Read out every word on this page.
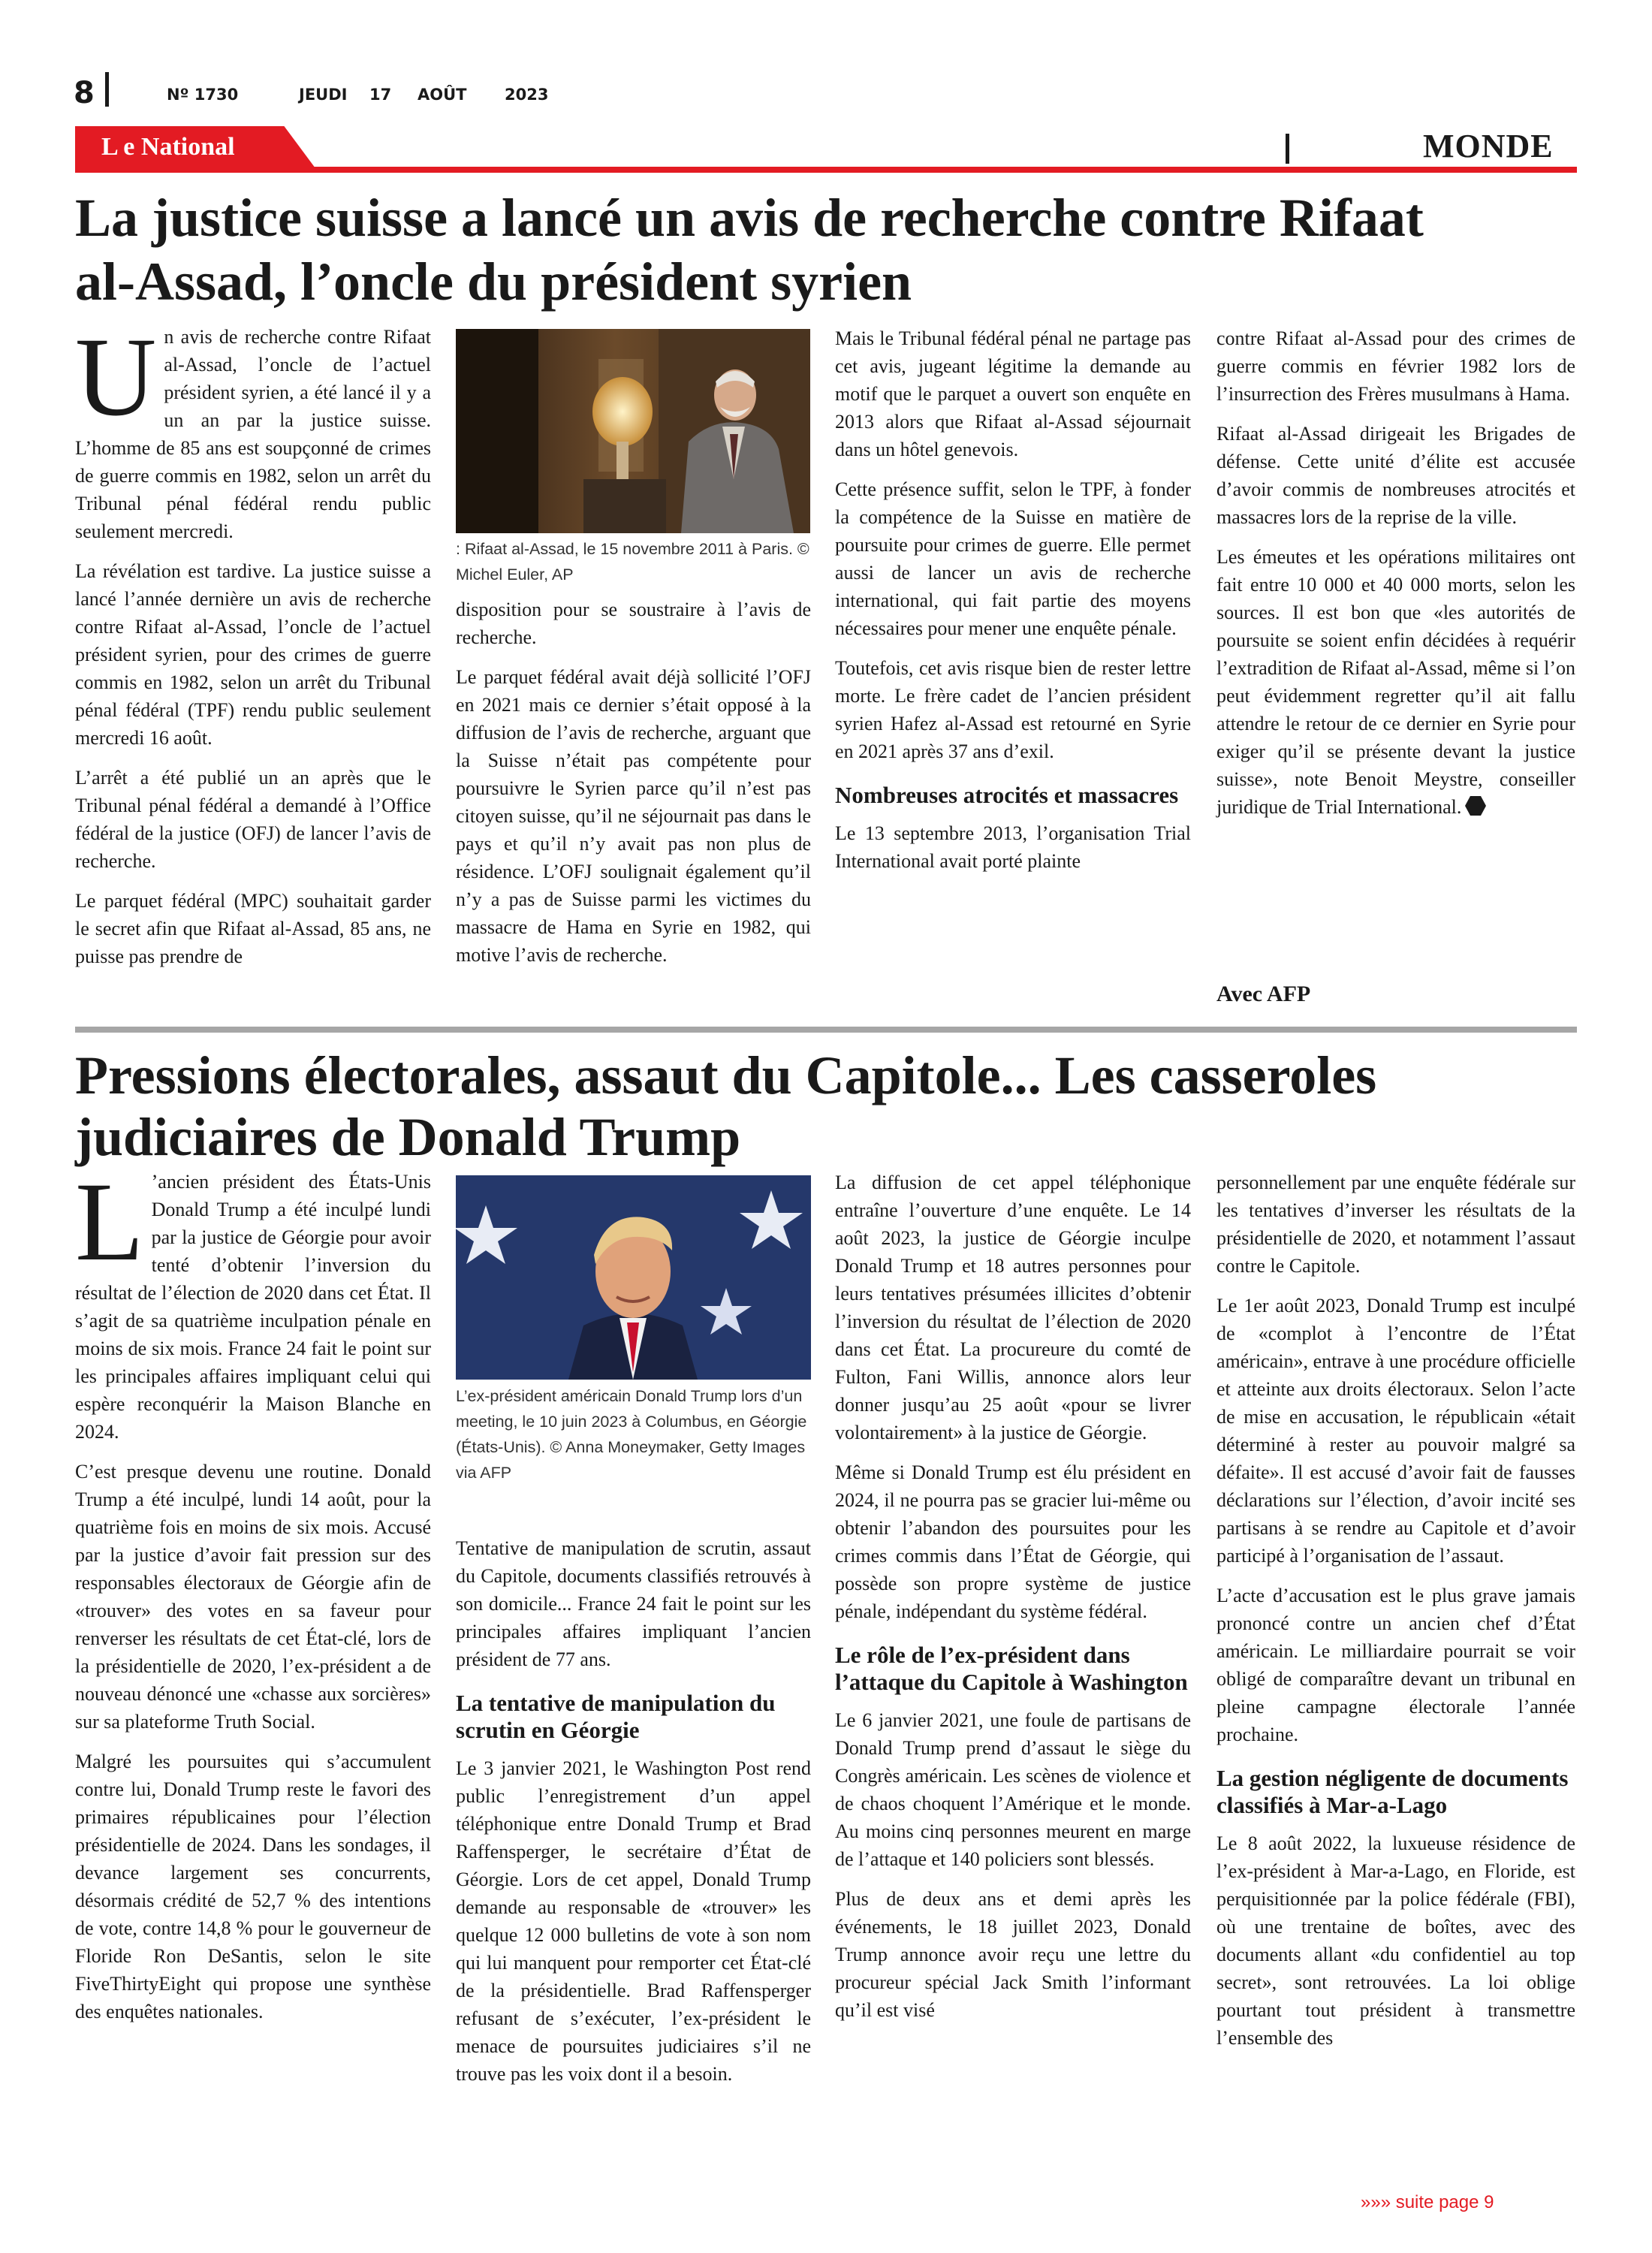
8	Nº 1730	JEUDI 17 AOÛT 2023
L e National	MONDE
La justice suisse a lancé un avis de recherche contre Rifaat
al-Assad, l’oncle du président syrien
U n avis de recherche contre Rifaat al-Assad, l’oncle de l’actuel président syrien, a été lancé il y a un an par la justice suisse. L’homme de 85 ans est soupçonné de crimes de guerre commis en 1982, selon un arrêt du Tribunal pénal fédéral rendu public seulement mercredi.

La révélation est tardive. La justice suisse a lancé l’année dernière un avis de recherche contre Rifaat al-Assad, l’oncle de l’actuel président syrien, pour des crimes de guerre commis en 1982, selon un arrêt du Tribunal pénal fédéral (TPF) rendu public seulement mercredi 16 août.

L’arrêt a été publié un an après que le Tribunal pénal fédéral a demandé à l’Office fédéral de la justice (OFJ) de lancer l’avis de recherche.

Le parquet fédéral (MPC) souhaitait garder le secret afin que Rifaat al-Assad, 85 ans, ne puisse pas prendre de

: Rifaat al-Assad, le 15 novembre 2011 à Paris. © Michel Euler, AP

disposition pour se soustraire à l’avis de recherche.

Le parquet fédéral avait déjà sollicité l’OFJ en 2021 mais ce dernier s’était opposé à la diffusion de l’avis de recherche, arguant que la Suisse n’était pas compétente pour poursuivre le Syrien parce qu’il n’est pas citoyen suisse, qu’il ne séjournait pas dans le pays et qu’il n’y avait pas non plus de résidence. L’OFJ soulignait également qu’il n’y a pas de Suisse parmi les victimes du massacre de Hama en Syrie en 1982, qui motive l’avis de recherche.

Mais le Tribunal fédéral pénal ne partage pas cet avis, jugeant légitime la demande au motif que le parquet a ouvert son enquête en 2013 alors que Rifaat al-Assad séjournait dans un hôtel genevois.

Cette présence suffit, selon le TPF, à fonder la compétence de la Suisse en matière de poursuite pour crimes de guerre. Elle permet aussi de lancer un avis de recherche international, qui fait partie des moyens nécessaires pour mener une enquête pénale.

Toutefois, cet avis risque bien de rester lettre morte. Le frère cadet de l’ancien président syrien Hafez al-Assad est retourné en Syrie en 2021 après 37 ans d’exil.

Nombreuses atrocités et massacres

Le 13 septembre 2013, l’organisation Trial International avait porté plainte

contre Rifaat al-Assad pour des crimes de guerre commis en février 1982 lors de l’insurrection des Frères musulmans à Hama.

Rifaat al-Assad dirigeait les Brigades de défense. Cette unité d’élite est accusée d’avoir commis de nombreuses atrocités et massacres lors de la reprise de la ville.

Les émeutes et les opérations militaires ont fait entre 10 000 et 40 000 morts, selon les sources. Il est bon que «les autorités de poursuite se soient enfin décidées à requérir l’extradition de Rifaat al-Assad, même si l’on peut évidemment regretter qu’il ait fallu attendre le retour de ce dernier en Syrie pour exiger qu’il se présente devant la justice suisse», note Benoit Meystre, conseiller juridique de Trial International.

Avec AFP
Pressions électorales, assaut du Capitole... Les casseroles
judiciaires de Donald Trump
L ’ancien président des États-Unis Donald Trump a été inculpé lundi par la justice de Géorgie pour avoir tenté d’obtenir l’inversion du résultat de l’élection de 2020 dans cet État. Il s’agit de sa quatrième inculpation pénale en moins de six mois. France 24 fait le point sur les principales affaires impliquant celui qui espère reconquérir la Maison Blanche en 2024.

C’est presque devenu une routine. Donald Trump a été inculpé, lundi 14 août, pour la quatrième fois en moins de six mois. Accusé par la justice d’avoir fait pression sur des responsables électoraux de Géorgie afin de «trouver» des votes en sa faveur pour renverser les résultats de cet État-clé, lors de la présidentielle de 2020, l’ex-président a de nouveau dénoncé une «chasse aux sorcières» sur sa plateforme Truth Social.

Malgré les poursuites qui s’accumulent contre lui, Donald Trump reste le favori des primaires républicaines pour l’élection présidentielle de 2024. Dans les sondages, il devance largement ses concurrents, désormais crédité de 52,7 % des intentions de vote, contre 14,8 % pour le gouverneur de Floride Ron DeSantis, selon le site FiveThirtyEight qui propose une synthèse des enquêtes nationales.

L’ex-président américain Donald Trump lors d’un meeting, le 10 juin 2023 à Columbus, en Géorgie (États-Unis). © Anna Moneymaker, Getty Images via AFP

Tentative de manipulation de scrutin, assaut du Capitole, documents classifiés retrouvés à son domicile... France 24 fait le point sur les principales affaires impliquant l’ancien président de 77 ans.

La tentative de manipulation du scrutin en Géorgie

Le 3 janvier 2021, le Washington Post rend public l’enregistrement d’un appel téléphonique entre Donald Trump et Brad Raffensperger, le secrétaire d’État de Géorgie. Lors de cet appel, Donald Trump demande au responsable de «trouver» les quelque 12 000 bulletins de vote à son nom qui lui manquent pour remporter cet État-clé de la présidentielle. Brad Raffensperger refusant de s’exécuter, l’ex-président le menace de poursuites judiciaires s’il ne trouve pas les voix dont il a besoin.

La diffusion de cet appel téléphonique entraîne l’ouverture d’une enquête. Le 14 août 2023, la justice de Géorgie inculpe Donald Trump et 18 autres personnes pour leurs tentatives présumées illicites d’obtenir l’inversion du résultat de l’élection de 2020 dans cet État. La procureure du comté de Fulton, Fani Willis, annonce alors leur donner jusqu’au 25 août «pour se livrer volontairement» à la justice de Géorgie.

Même si Donald Trump est élu président en 2024, il ne pourra pas se gracier lui-même ou obtenir l’abandon des poursuites pour les crimes commis dans l’État de Géorgie, qui possède son propre système de justice pénale, indépendant du système fédéral.

Le rôle de l’ex-président dans l’attaque du Capitole à Washington

Le 6 janvier 2021, une foule de partisans de Donald Trump prend d’assaut le siège du Congrès américain. Les scènes de violence et de chaos choquent l’Amérique et le monde. Au moins cinq personnes meurent en marge de l’attaque et 140 policiers sont blessés.

Plus de deux ans et demi après les événements, le 18 juillet 2023, Donald Trump annonce avoir reçu une lettre du procureur spécial Jack Smith l’informant qu’il est visé

personnellement par une enquête fédérale sur les tentatives d’inverser les résultats de la présidentielle de 2020, et notamment l’assaut contre le Capitole.

Le 1er août 2023, Donald Trump est inculpé de «complot à l’encontre de l’État américain», entrave à une procédure officielle et atteinte aux droits électoraux. Selon l’acte de mise en accusation, le républicain «était déterminé à rester au pouvoir malgré sa défaite». Il est accusé d’avoir fait de fausses déclarations sur l’élection, d’avoir incité ses partisans à se rendre au Capitole et d’avoir participé à l’organisation de l’assaut.

L’acte d’accusation est le plus grave jamais prononcé contre un ancien chef d’État américain. Le milliardaire pourrait se voir obligé de comparaître devant un tribunal en pleine campagne électorale l’année prochaine.

La gestion négligente de documents classifiés à Mar-a-Lago

Le 8 août 2022, la luxueuse résidence de l’ex-président à Mar-a-Lago, en Floride, est perquisitionnée par la police fédérale (FBI), où une trentaine de boîtes, avec des documents allant «du confidentiel au top secret», sont retrouvées. La loi oblige pourtant tout président à transmettre l’ensemble des

»»» suite page 9
